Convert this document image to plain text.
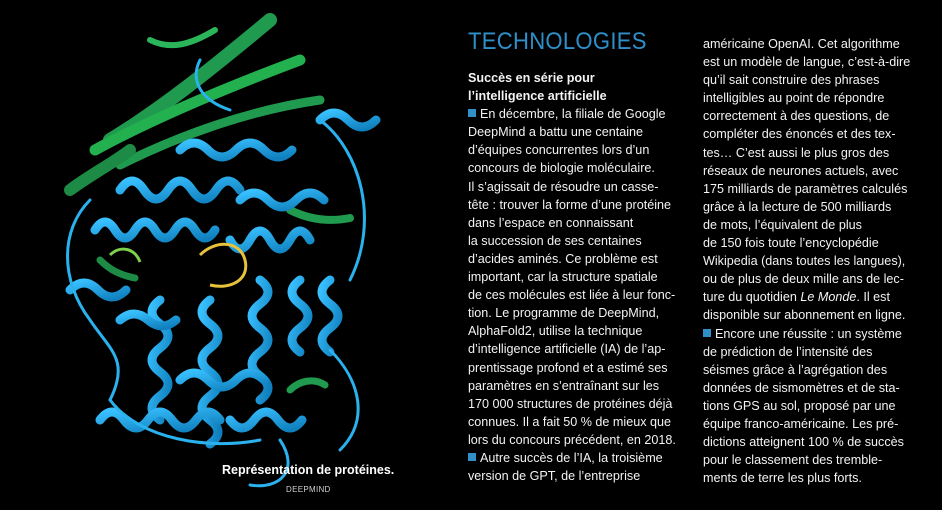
Représentation de protéines.
DEEPMIND
TECHNOLOGIES
Succès en série pour
l’intelligence artificielle
En décembre, la filiale de Google
DeepMind a battu une centaine
d’équipes concurrentes lors d’un
concours de biologie moléculaire.
Il s’agissait de résoudre un casse-
tête : trouver la forme d’une protéine
dans l’espace en connaissant
la succession de ses centaines
d’acides aminés. Ce problème est
important, car la structure spatiale
de ces molécules est liée à leur fonc-
tion. Le programme de DeepMind,
AlphaFold2, utilise la technique
d’intelligence artificielle (IA) de l’ap-
prentissage profond et a estimé ses
paramètres en s’entraînant sur les
170 000 structures de protéines déjà
connues. Il a fait 50 % de mieux que
lors du concours précédent, en 2018.
Autre succès de l’IA, la troisième
version de GPT, de l’entreprise
américaine OpenAI. Cet algorithme
est un modèle de langue, c’est-à-dire
qu’il sait construire des phrases
intelligibles au point de répondre
correctement à des questions, de
compléter des énoncés et des tex-
tes… C’est aussi le plus gros des
réseaux de neurones actuels, avec
175 milliards de paramètres calculés
grâce à la lecture de 500 milliards
de mots, l’équivalent de plus
de 150 fois toute l’encyclopédie
Wikipedia (dans toutes les langues),
ou de plus de deux mille ans de lec-
ture du quotidien Le Monde. Il est
disponible sur abonnement en ligne.
Encore une réussite : un système
de prédiction de l’intensité des
séismes grâce à l’agrégation des
données de sismomètres et de sta-
tions GPS au sol, proposé par une
équipe franco-américaine. Les pré-
dictions atteignent 100 % de succès
pour le classement des tremble-
ments de terre les plus forts.
